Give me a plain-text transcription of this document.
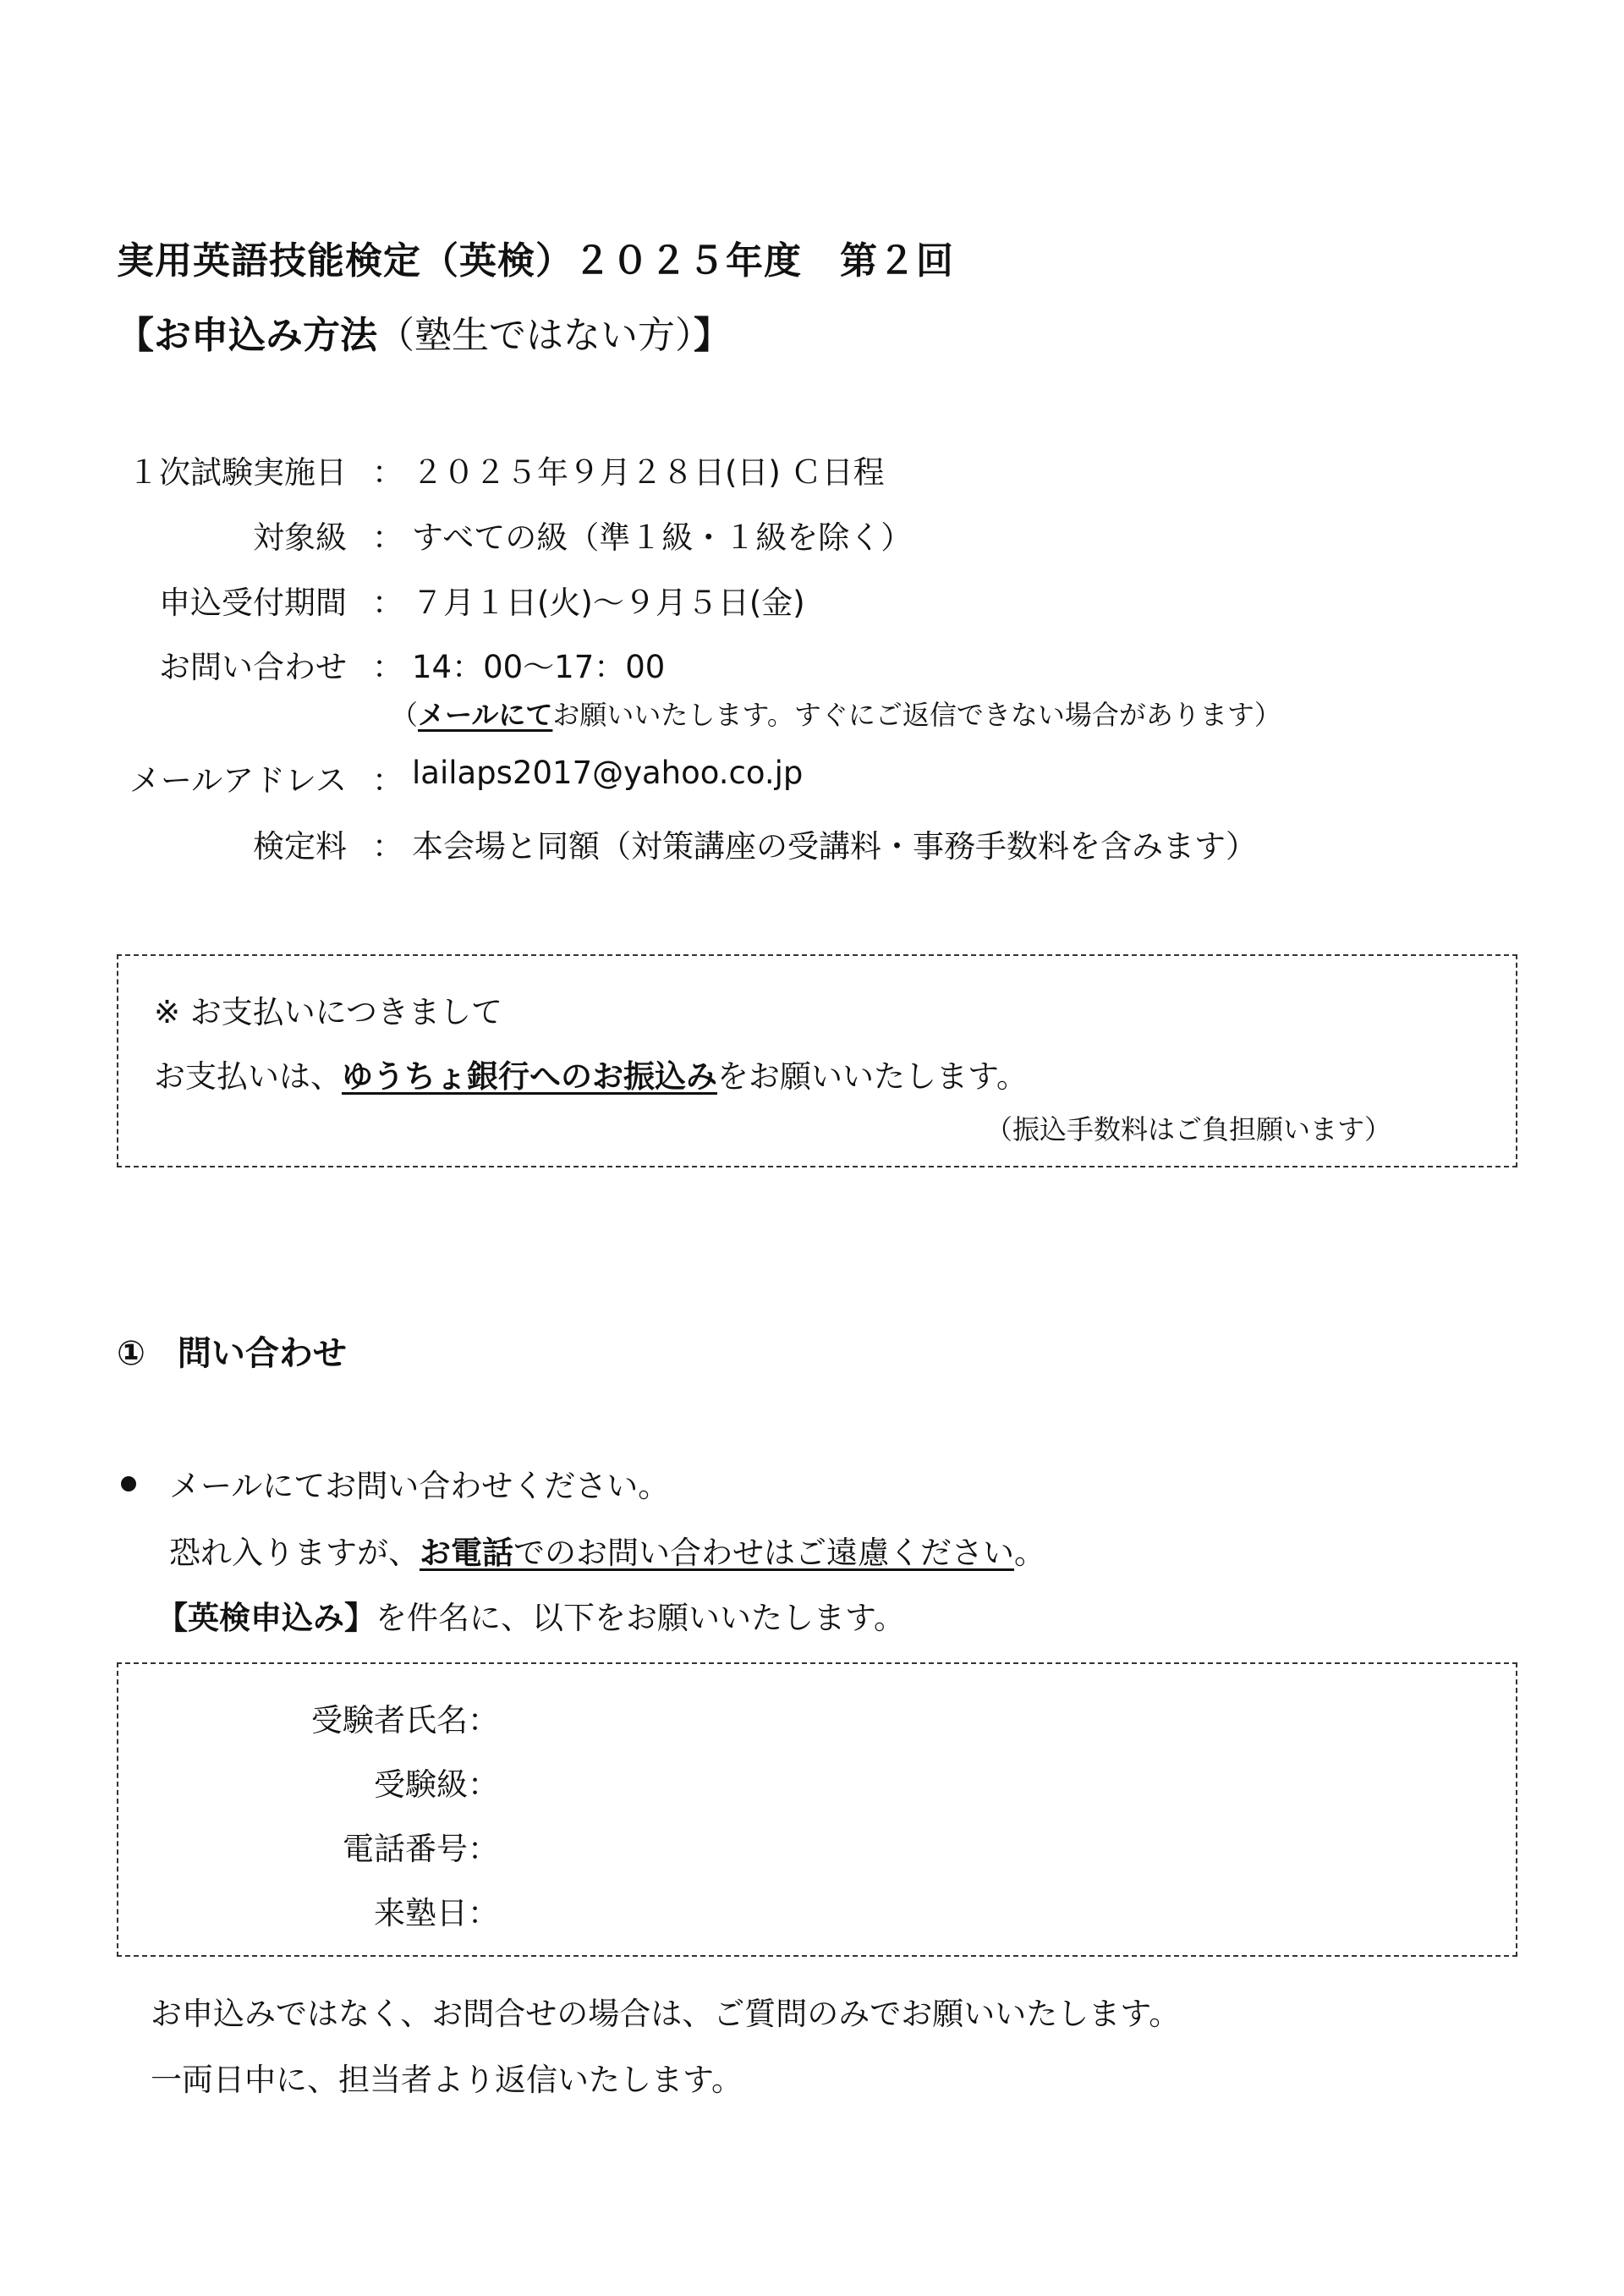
実用英語技能検定（英検）２０２５年度　第２回
【お申込み方法（塾生ではない方）】
１次試験実施日 ： ２０２５年９月２８日(日) Ｃ日程
対象級 ： すべての級（準１級・１級を除く）
申込受付期間 ： ７月１日(火)～９月５日(金)
お問い合わせ ： 14：00～17：00
（メールにてお願いいたします。すぐにご返信できない場合があります）
メールアドレス ： lailaps2017@yahoo.co.jp
検定料 ： 本会場と同額（対策講座の受講料・事務手数料を含みます）
※ お支払いにつきまして
お支払いは、ゆうちょ銀行へのお振込みをお願いいたします。
（振込手数料はご負担願います）
① 問い合わせ
メールにてお問い合わせください。
恐れ入りますが、お電話でのお問い合わせはご遠慮ください。
【英検申込み】を件名に、以下をお願いいたします。
受験者氏名：
受験級：
電話番号：
来塾日：
お申込みではなく、お問合せの場合は、ご質問のみでお願いいたします。
一両日中に、担当者より返信いたします。
